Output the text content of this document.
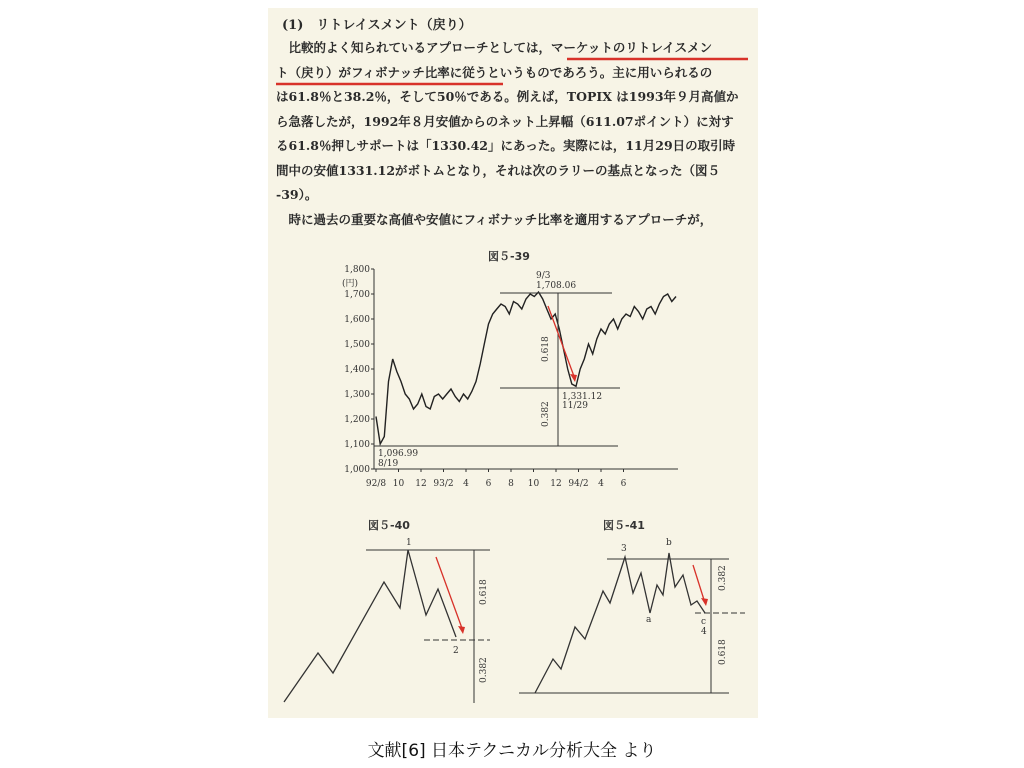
(1)　リトレイスメント（戻り）
　比較的よく知られているアプローチとしては，マーケットのリトレイスメン
ト（戻り）がフィボナッチ比率に従うというものであろう。主に用いられるの
は61.8％と38.2％，そして50％である。例えば，TOPIX は1993年９月高値か
ら急落したが，1992年８月安値からのネット上昇幅（611.07ポイント）に対す
る61.8％押しサポートは「1330.42」にあった。実際には，11月29日の取引時
間中の安値1331.12がボトムとなり，それは次のラリーの基点となった（図５
-39）。
　時に過去の重要な高値や安値にフィボナッチ比率を適用するアプローチが，
図５-39
(円)
1,800
1,700
1,600
1,500
1,400
1,300
1,200
1,100
1,000
92/8 10 12 93/2 4 6 8 10 12 94/2 4 6
9/3
1,708.06
1,331.12
11/29
1,096.99
8/19
0.618
0.382
図５-40
1
2
0.618
0.382
図５-41
3
b
a	c
4
0.382
0.618
文献[6] 日本テクニカル分析大全 より
